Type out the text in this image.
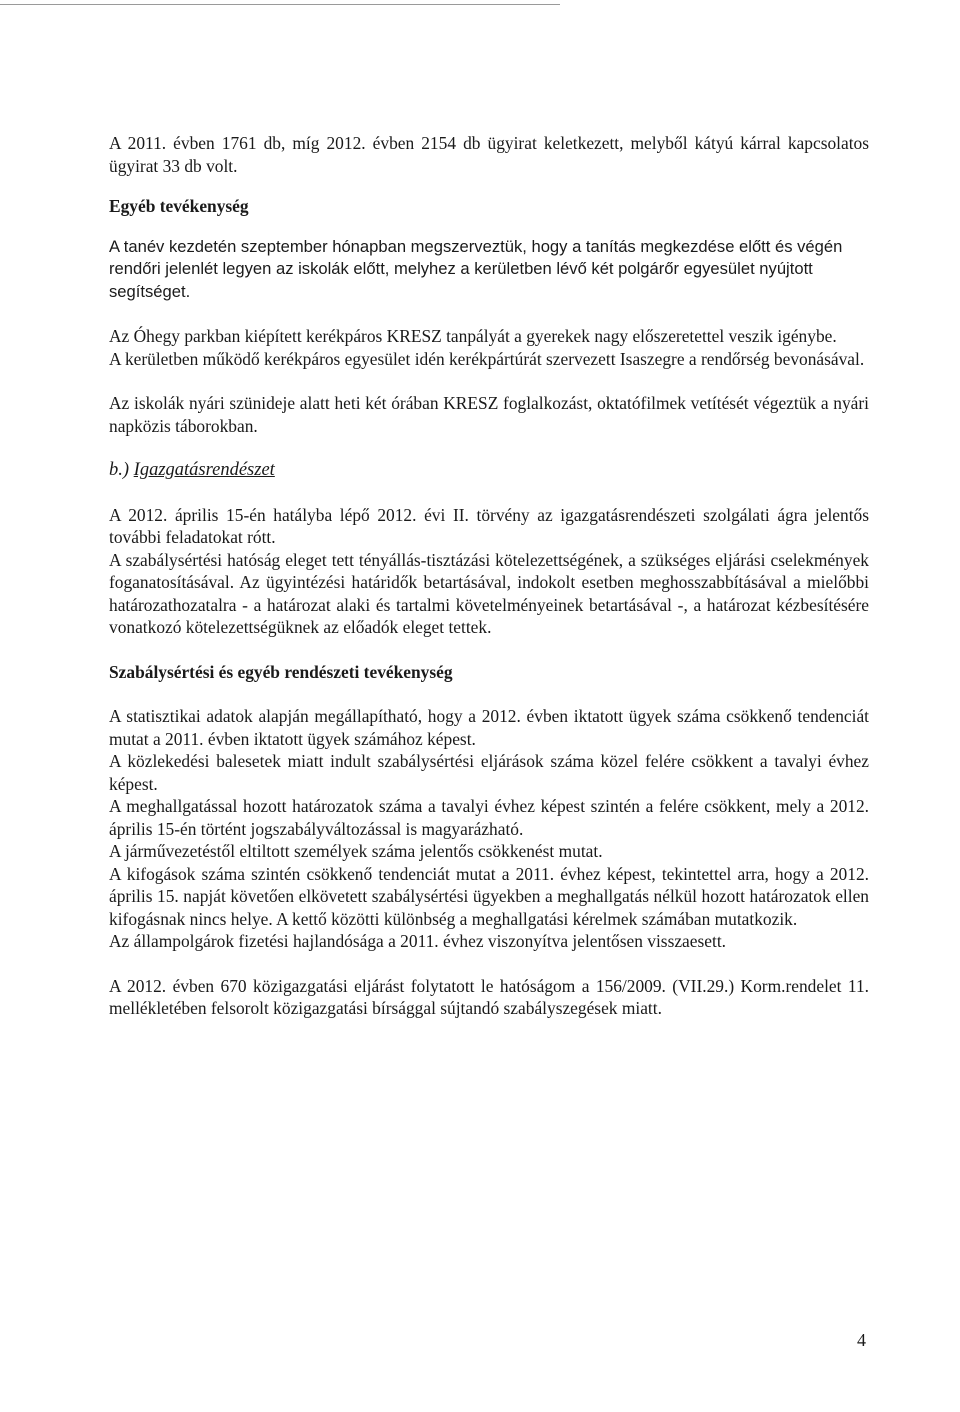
A 2011. évben 1761 db, míg 2012. évben 2154 db ügyirat keletkezett, melyből kátyú kárral kapcsolatos ügyirat 33 db volt.

Egyéb tevékenység

A tanév kezdetén szeptember hónapban megszerveztük, hogy a tanítás megkezdése előtt és végén rendőri jelenlét legyen az iskolák előtt, melyhez a kerületben lévő két polgárőr egyesület nyújtott segítséget.

Az Óhegy parkban kiépített kerékpáros KRESZ tanpályát a gyerekek nagy előszeretettel veszik igénybe.

A kerületben működő kerékpáros egyesület idén kerékpártúrát szervezett Isaszegre a rendőrség bevonásával.

Az iskolák nyári szünideje alatt heti két órában KRESZ foglalkozást, oktatófilmek vetítését végeztük a nyári napközis táborokban.

b.) Igazgatásrendészet

A 2012. április 15-én hatályba lépő 2012. évi II. törvény az igazgatásrendészeti szolgálati ágra jelentős további feladatokat rótt.

A szabálysértési hatóság eleget tett tényállás-tisztázási kötelezettségének, a szükséges eljárási cselekmények foganatosításával. Az ügyintézési határidők betartásával, indokolt esetben meghosszabbításával a mielőbbi határozathozatalra - a határozat alaki és tartalmi követelményeinek betartásával -, a határozat kézbesítésére vonatkozó kötelezettségüknek az előadók eleget tettek.

Szabálysértési és egyéb rendészeti tevékenység

A statisztikai adatok alapján megállapítható, hogy a 2012. évben iktatott ügyek száma csökkenő tendenciát mutat a 2011. évben iktatott ügyek számához képest.

A közlekedési balesetek miatt indult szabálysértési eljárások száma közel felére csökkent a tavalyi évhez képest.

A meghallgatással hozott határozatok száma a tavalyi évhez képest szintén a felére csökkent, mely a 2012. április 15-én történt jogszabályváltozással is magyarázható.

A járművezetéstől eltiltott személyek száma jelentős csökkenést mutat.

A kifogások száma szintén csökkenő tendenciát mutat a 2011. évhez képest, tekintettel arra, hogy a 2012. április 15. napját követően elkövetett szabálysértési ügyekben a meghallgatás nélkül hozott határozatok ellen kifogásnak nincs helye. A kettő közötti különbség a meghallgatási kérelmek számában mutatkozik.

Az állampolgárok fizetési hajlandósága a 2011. évhez viszonyítva jelentősen visszaesett.

A 2012. évben 670 közigazgatási eljárást folytatott le hatóságom a 156/2009. (VII.29.) Korm.rendelet 11. mellékletében felsorolt közigazgatási bírsággal sújtandó szabályszegések miatt.

4
